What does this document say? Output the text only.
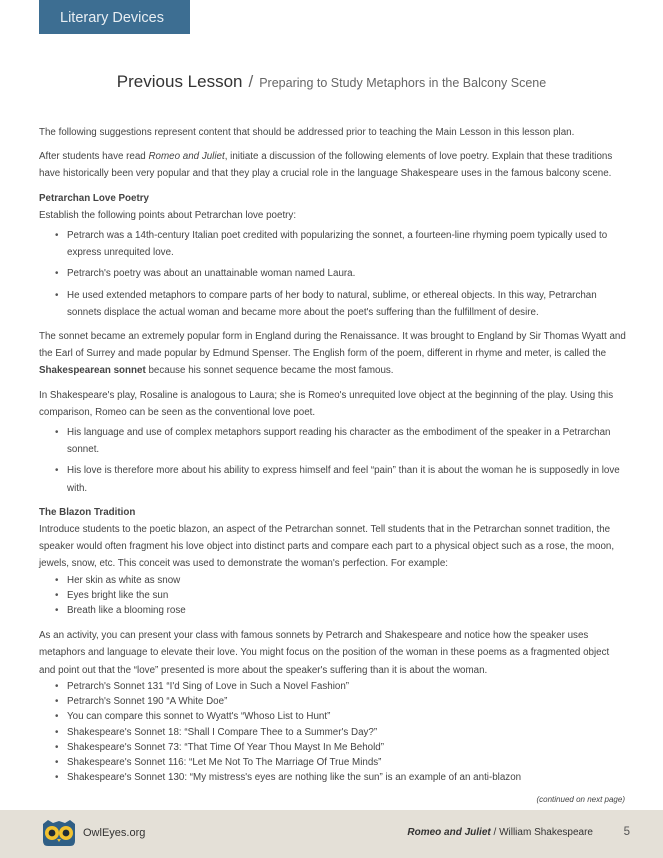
Literary Devices
Previous Lesson / Preparing to Study Metaphors in the Balcony Scene

The following suggestions represent content that should be addressed prior to teaching the Main Lesson in this lesson plan.

After students have read Romeo and Juliet, initiate a discussion of the following elements of love poetry. Explain that these traditions have historically been very popular and that they play a crucial role in the language Shakespeare uses in the famous balcony scene.

Petrarchan Love Poetry

Establish the following points about Petrarchan love poetry:

• Petrarch was a 14th-century Italian poet credited with popularizing the sonnet, a fourteen-line rhyming poem typically used to express unrequited love.
• Petrarch's poetry was about an unattainable woman named Laura.
• He used extended metaphors to compare parts of her body to natural, sublime, or ethereal objects. In this way, Petrarchan sonnets displace the actual woman and became more about the poet's suffering than the fulfillment of desire.

The sonnet became an extremely popular form in England during the Renaissance. It was brought to England by Sir Thomas Wyatt and the Earl of Surrey and made popular by Edmund Spenser. The English form of the poem, different in rhyme and meter, is called the Shakespearean sonnet because his sonnet sequence became the most famous.

In Shakespeare's play, Rosaline is analogous to Laura; she is Romeo's unrequited love object at the beginning of the play. Using this comparison, Romeo can be seen as the conventional love poet.

• His language and use of complex metaphors support reading his character as the embodiment of the speaker in a Petrarchan sonnet.
• His love is therefore more about his ability to express himself and feel “pain” than it is about the woman he is supposedly in love with.

The Blazon Tradition

Introduce students to the poetic blazon, an aspect of the Petrarchan sonnet. Tell students that in the Petrarchan sonnet tradition, the speaker would often fragment his love object into distinct parts and compare each part to a physical object such as a rose, the moon, jewels, snow, etc. This conceit was used to demonstrate the woman's perfection. For example:

• Her skin as white as snow
• Eyes bright like the sun
• Breath like a blooming rose

As an activity, you can present your class with famous sonnets by Petrarch and Shakespeare and notice how the speaker uses metaphors and language to elevate their love. You might focus on the position of the woman in these poems as a fragmented object and point out that the “love” presented is more about the speaker's suffering than it is about the woman.

• Petrarch's Sonnet 131 “I'd Sing of Love in Such a Novel Fashion”
• Petrarch's Sonnet 190 “A White Doe”
• You can compare this sonnet to Wyatt's “Whoso List to Hunt”
• Shakespeare's Sonnet 18: “Shall I Compare Thee to a Summer's Day?”
• Shakespeare's Sonnet 73: “That Time Of Year Thou Mayst In Me Behold”
• Shakespeare's Sonnet 116: “Let Me Not To The Marriage Of True Minds”
• Shakespeare's Sonnet 130: “My mistress's eyes are nothing like the sun” is an example of an anti-blazon
(continued on next page)
OwlEyes.org	Romeo and Juliet / William Shakespeare	5
